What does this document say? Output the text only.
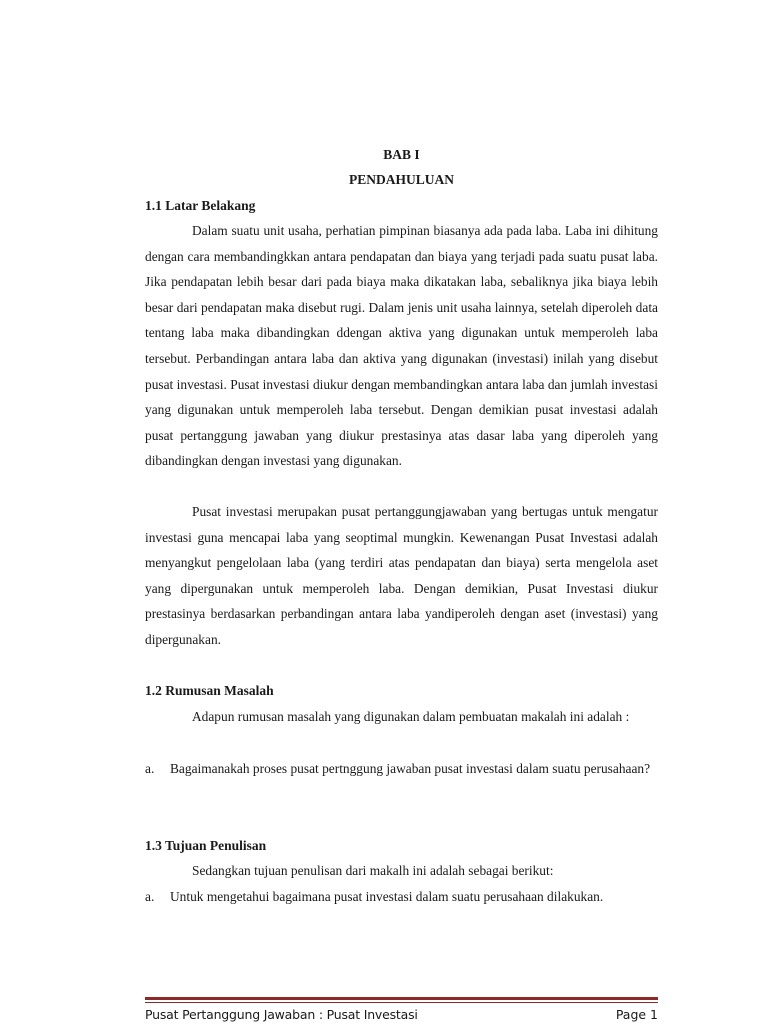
BAB I
PENDAHULUAN
1.1 Latar Belakang

Dalam suatu unit usaha, perhatian pimpinan biasanya ada pada laba. Laba ini dihitung dengan cara membandingkkan antara pendapatan dan biaya yang terjadi pada suatu pusat laba. Jika pendapatan lebih besar dari pada biaya maka dikatakan laba, sebaliknya jika biaya lebih besar dari pendapatan maka disebut rugi. Dalam jenis unit usaha lainnya, setelah diperoleh data tentang laba maka dibandingkan ddengan aktiva yang digunakan untuk memperoleh laba tersebut. Perbandingan antara laba dan aktiva yang digunakan (investasi) inilah yang disebut pusat investasi. Pusat investasi diukur dengan membandingkan antara laba dan jumlah investasi yang digunakan untuk memperoleh laba tersebut. Dengan demikian pusat investasi adalah pusat pertanggung jawaban yang diukur prestasinya atas dasar laba yang diperoleh yang dibandingkan dengan investasi yang digunakan.

Pusat investasi merupakan pusat pertanggungjawaban yang bertugas untuk mengatur investasi guna mencapai laba yang seoptimal mungkin. Kewenangan Pusat Investasi adalah menyangkut pengelolaan laba (yang terdiri atas pendapatan dan biaya) serta mengelola aset yang dipergunakan untuk memperoleh laba. Dengan demikian, Pusat Investasi diukur prestasinya berdasarkan perbandingan antara laba yandiperoleh dengan aset (investasi) yang dipergunakan.

1.2 Rumusan Masalah

Adapun rumusan masalah yang digunakan dalam pembuatan makalah ini adalah :

a. Bagaimanakah proses pusat pertnggung jawaban pusat investasi dalam suatu perusahaan?
1.3 Tujuan Penulisan

Sedangkan tujuan penulisan dari makalh ini adalah sebagai berikut:

a. Untuk mengetahui bagaimana pusat investasi dalam suatu perusahaan dilakukan.
Pusat Pertanggung Jawaban : Pusat Investasi	Page 1
